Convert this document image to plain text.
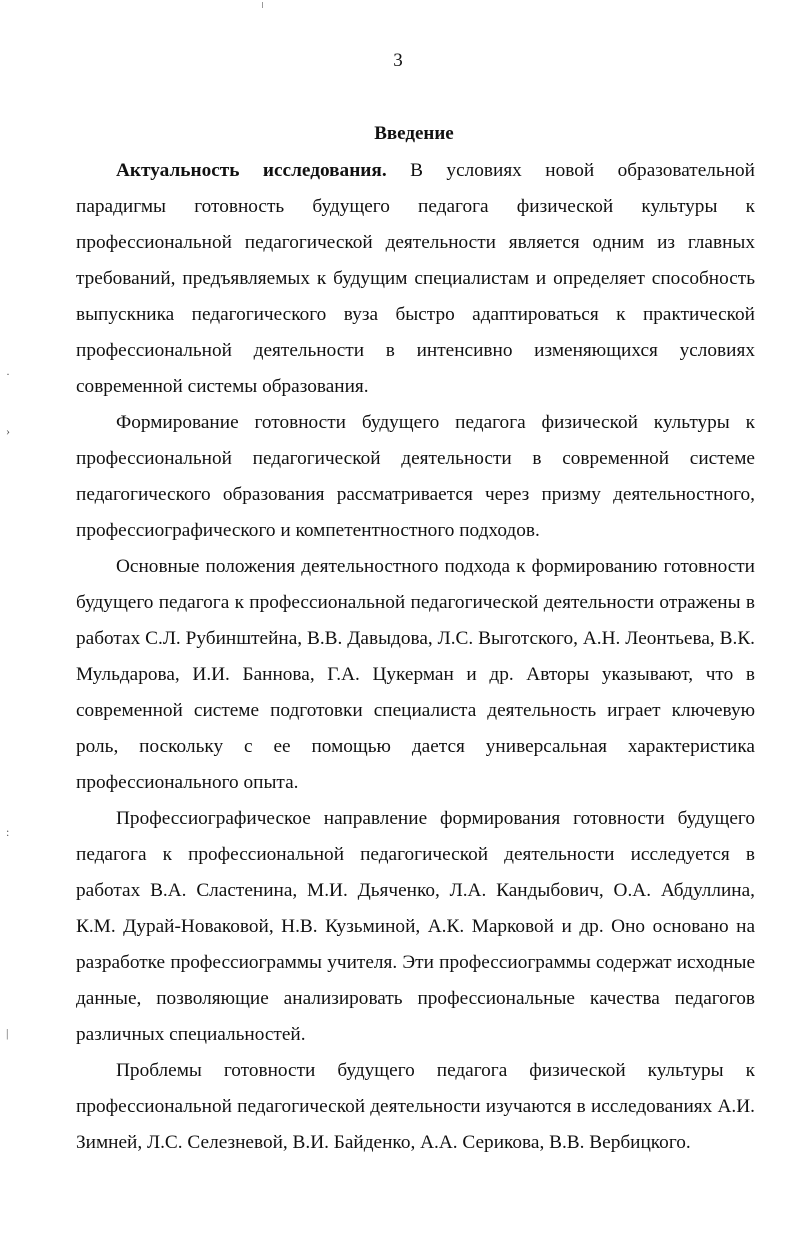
3
Введение

Актуальность исследования. В условиях новой образовательной парадигмы готовность будущего педагога физической культуры к профессиональной педагогической деятельности является одним из главных требований, предъявляемых к будущим специалистам и определяет способность выпускника педагогического вуза быстро адаптироваться к практической профессиональной деятельности в интенсивно изменяющихся условиях современной системы образования.

Формирование готовности будущего педагога физической культуры к профессиональной педагогической деятельности в современной системе педагогического образования рассматривается через призму деятельностного, профессиографического и компетентностного подходов.

Основные положения деятельностного подхода к формированию готовности будущего педагога к профессиональной педагогической деятельности отражены в работах С.Л. Рубинштейна, В.В. Давыдова, Л.С. Выготского, А.Н. Леонтьева, В.К. Мульдарова, И.И. Баннова, Г.А. Цукерман и др. Авторы указывают, что в современной системе подготовки специалиста деятельность играет ключевую роль, поскольку с ее помощью дается универсальная характеристика профессионального опыта.

Профессиографическое направление формирования готовности будущего педагога к профессиональной педагогической деятельности исследуется в работах В.А. Сластенина, М.И. Дьяченко, Л.А. Кандыбович, О.А. Абдуллина, К.М. Дурай-Новаковой, Н.В. Кузьминой, А.К. Марковой и др. Оно основано на разработке профессиограммы учителя. Эти профессиограммы содержат исходные данные, позволяющие анализировать профессиональные качества педагогов различных специальностей.

Проблемы готовности будущего педагога физической культуры к профессиональной педагогической деятельности изучаются в исследованиях А.И. Зимней, Л.С. Селезневой, В.И. Байденко, А.А. Серикова, В.В. Вербицкого.

·
›
:
|
